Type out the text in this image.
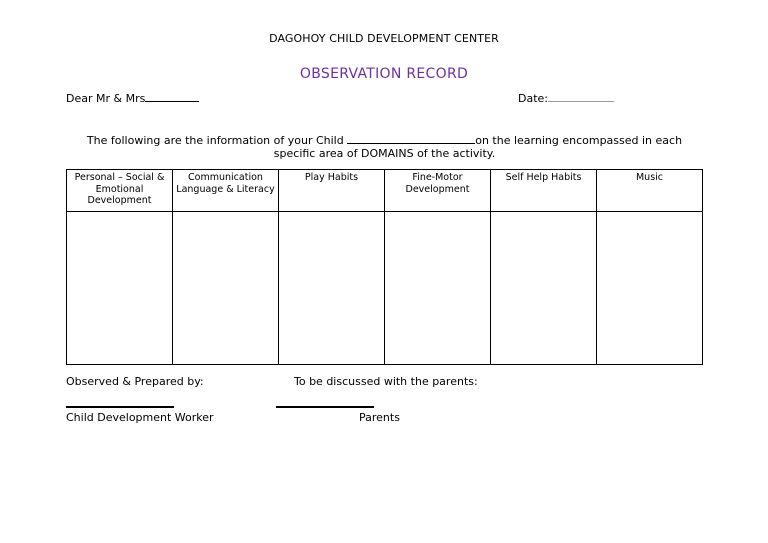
DAGOHOY CHILD DEVELOPMENT CENTER
OBSERVATION RECORD
Dear Mr & Mrs	Date:
The following are the information of your Child	on the learning encompassed in each specific area of DOMAINS of the activity.
Personal – Social & Emotional Development	Communication Language & Literacy	Play Habits	Fine-Motor Development	Self Help Habits	Music

Observed & Prepared by:	To be discussed with the parents:
Child Development Worker	Parents
